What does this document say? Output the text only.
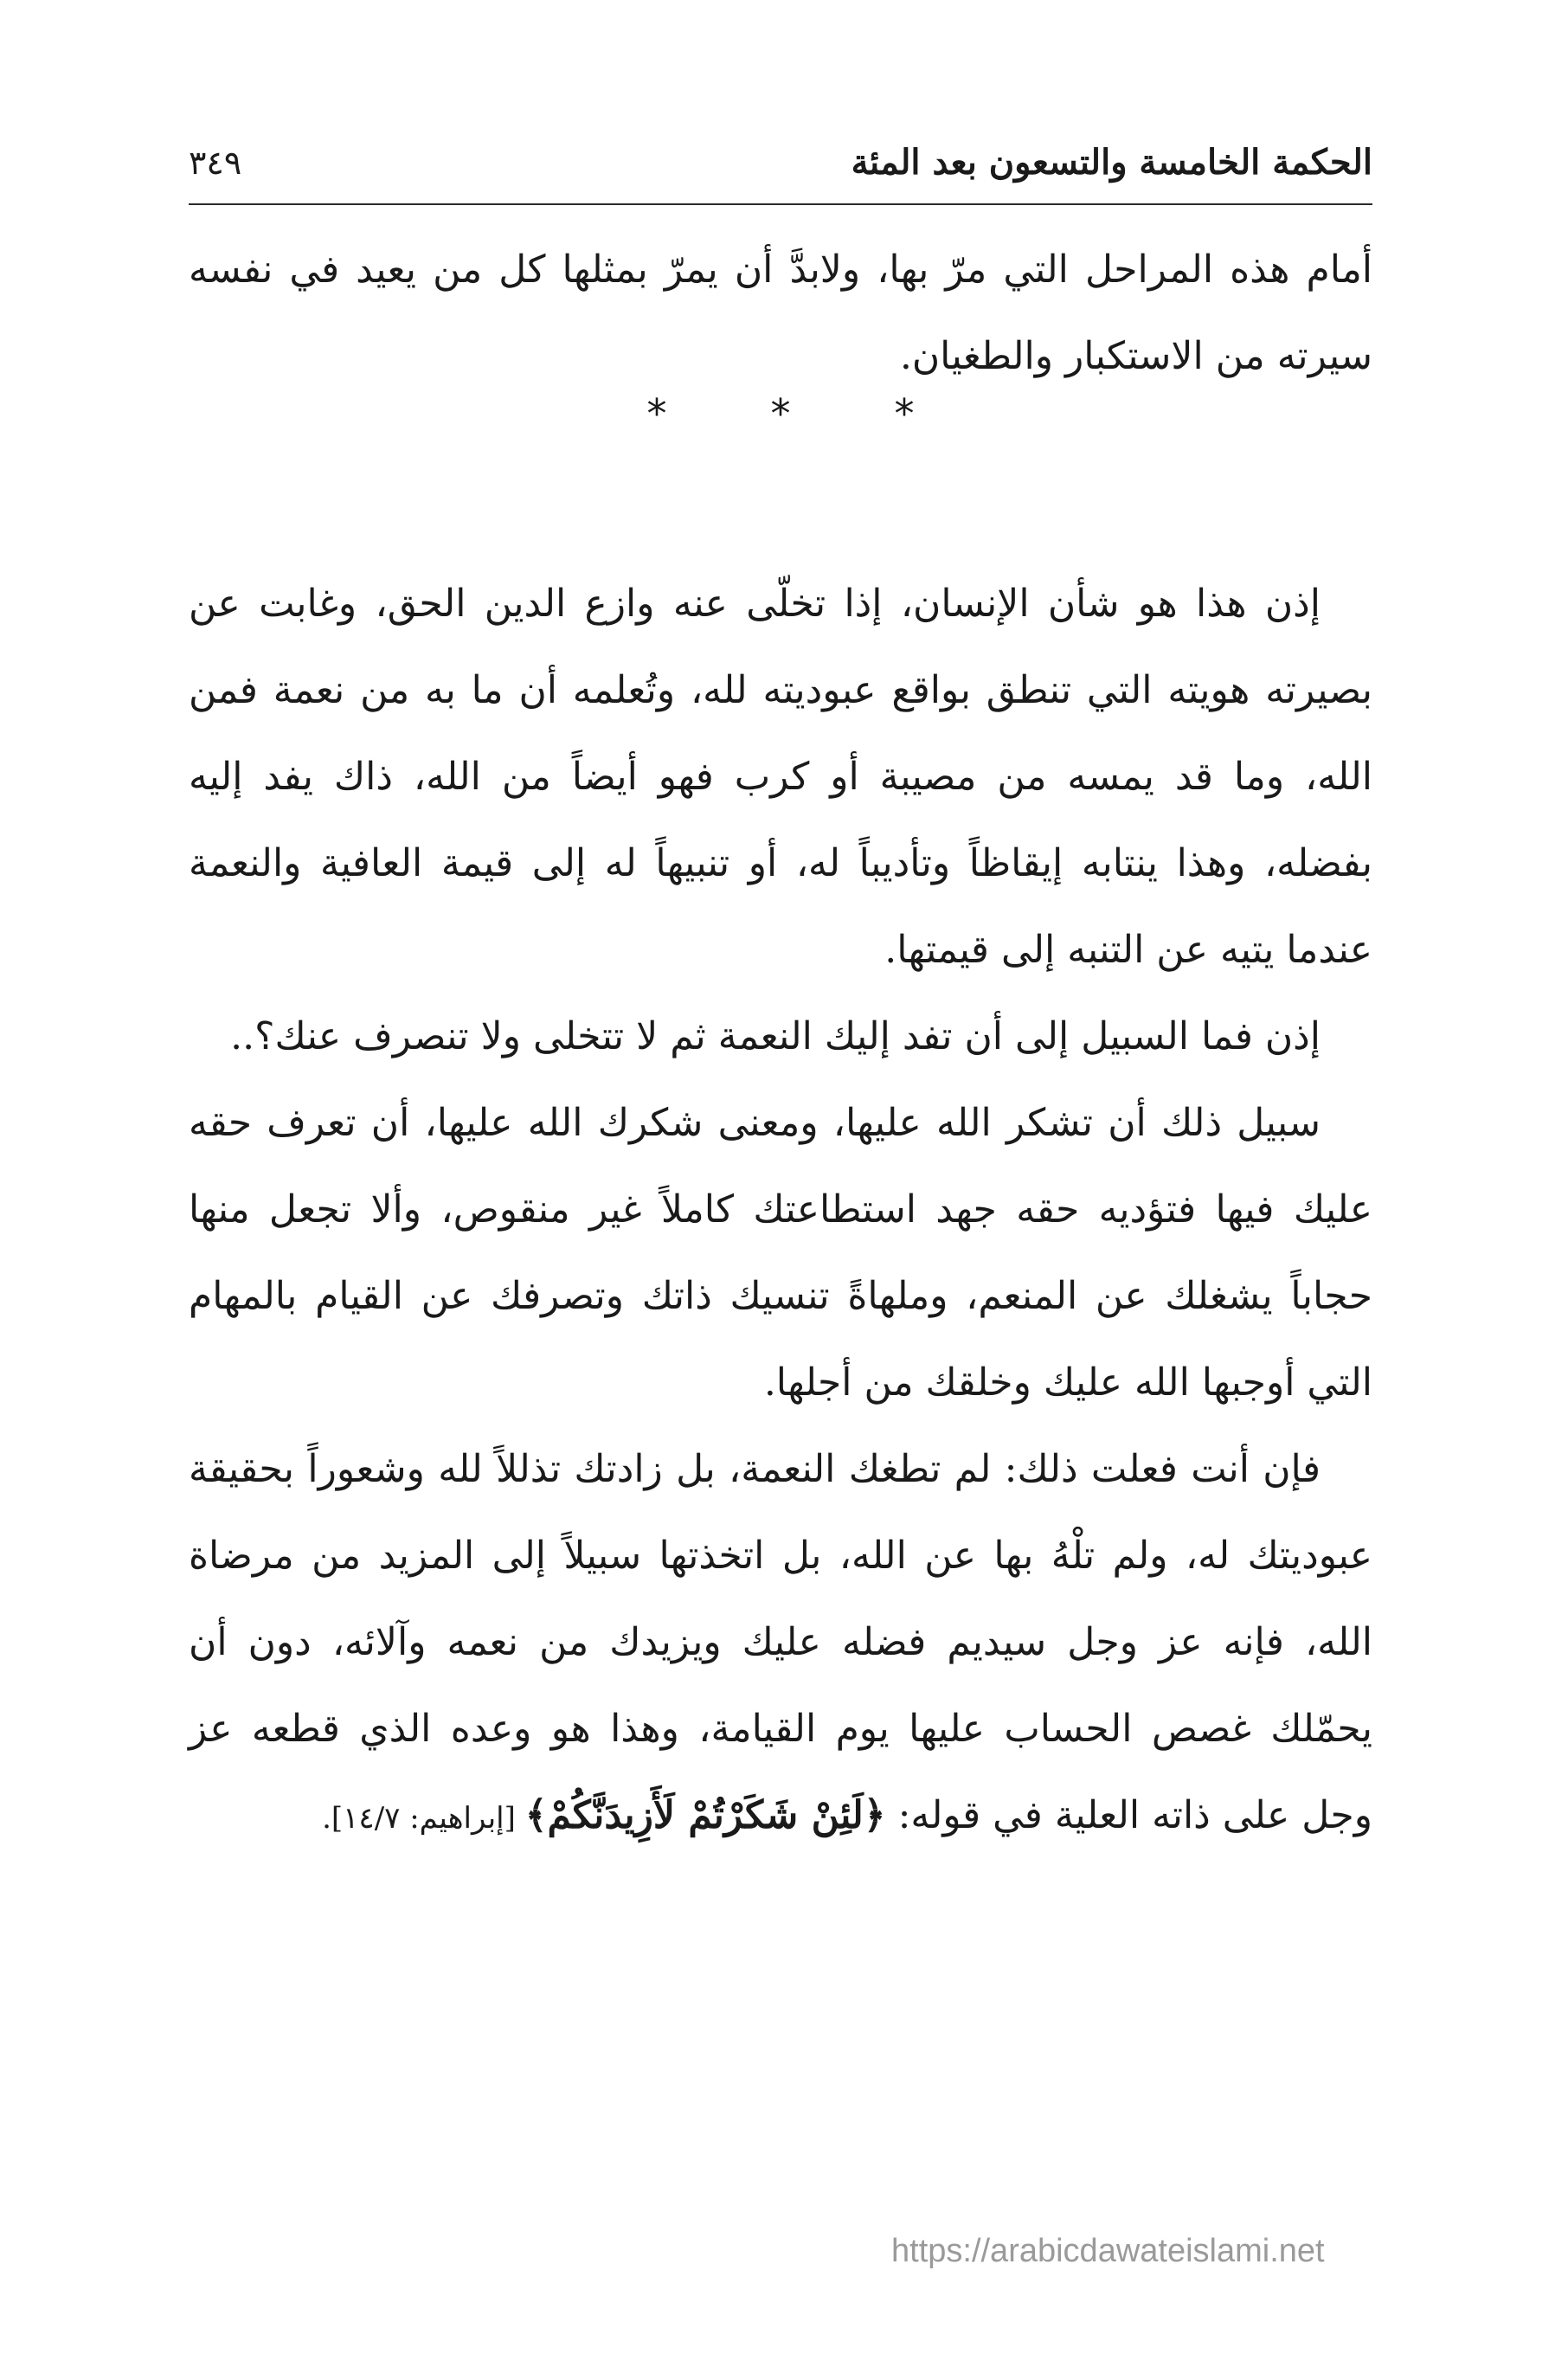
الحكمة الخامسة والتسعون بعد المئة
٣٤٩

أمام هذه المراحل التي مرّ بها، ولابدَّ أن يمرّ بمثلها كل من يعيد في نفسه سيرته من الاستكبار والطغيان.

*	*	*

إذن هذا هو شأن الإنسان، إذا تخلّى عنه وازع الدين الحق، وغابت عن بصيرته هويته التي تنطق بواقع عبوديته لله، وتُعلمه أن ما به من نعمة فمن الله، وما قد يمسه من مصيبة أو كرب فهو أيضاً من الله، ذاك يفد إليه بفضله، وهذا ينتابه إيقاظاً وتأديباً له، أو تنبيهاً له إلى قيمة العافية والنعمة عندما يتيه عن التنبه إلى قيمتها.

إذن فما السبيل إلى أن تفد إليك النعمة ثم لا تتخلى ولا تنصرف عنك؟..

سبيل ذلك أن تشكر الله عليها، ومعنى شكرك الله عليها، أن تعرف حقه عليك فيها فتؤديه حقه جهد استطاعتك كاملاً غير منقوص، وألا تجعل منها حجاباً يشغلك عن المنعم، وملهاةً تنسيك ذاتك وتصرفك عن القيام بالمهام التي أوجبها الله عليك وخلقك من أجلها.

فإن أنت فعلت ذلك: لم تطغك النعمة، بل زادتك تذللاً لله وشعوراً بحقيقة عبوديتك له، ولم تلْهُ بها عن الله، بل اتخذتها سبيلاً إلى المزيد من مرضاة الله، فإنه عز وجل سيديم فضله عليك ويزيدك من نعمه وآلائه، دون أن يحمّلك غصص الحساب عليها يوم القيامة، وهذا هو وعده الذي قطعه عز وجل على ذاته العلية في قوله: ﴿لَئِنْ شَكَرْتُمْ لَأَزِيدَنَّكُمْ﴾ [إبراهيم: ١٤/٧].

https://arabicdawateislami.net
